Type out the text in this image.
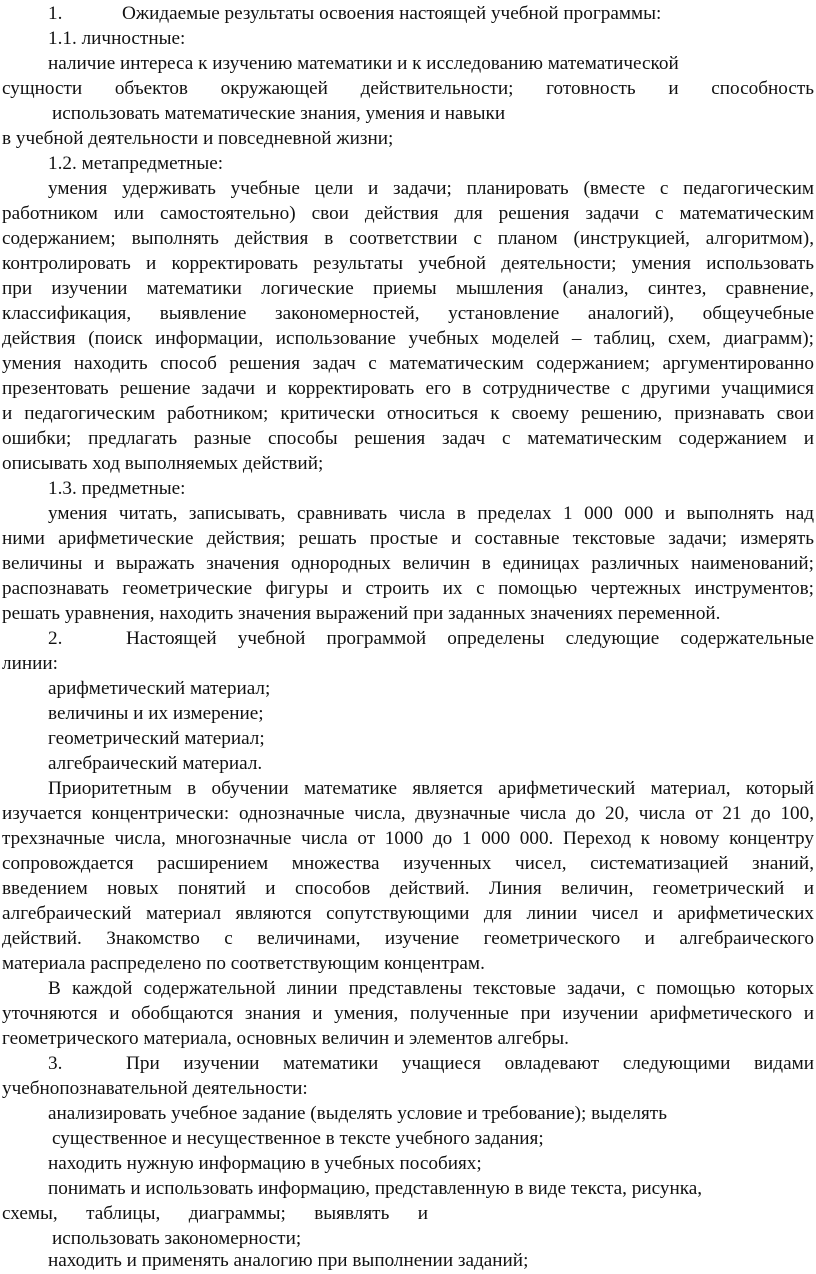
1.	Ожидаемые результаты освоения настоящей учебной программы:
1.1. личностные:
наличие интереса к изучению математики и к исследованию математической
сущности объектов окружающей действительности; готовность и способность
использовать математические знания, умения и навыки
в учебной деятельности и повседневной жизни;
1.2. метапредметные:
умения удерживать учебные цели и задачи; планировать (вместе с педагогическим
работником или самостоятельно) свои действия для решения задачи с математическим
содержанием; выполнять действия в соответствии с планом (инструкцией, алгоритмом),
контролировать и корректировать результаты учебной деятельности; умения использовать
при изучении математики логические приемы мышления (анализ, синтез, сравнение,
классификация, выявление закономерностей, установление аналогий), общеучебные
действия (поиск информации, использование учебных моделей – таблиц, схем, диаграмм);
умения находить способ решения задач с математическим содержанием; аргументированно
презентовать решение задачи и корректировать его в сотрудничестве с другими учащимися
и педагогическим работником; критически относиться к своему решению, признавать свои
ошибки; предлагать разные способы решения задач с математическим содержанием и
описывать ход выполняемых действий;
1.3. предметные:
умения читать, записывать, сравнивать числа в пределах 1 000 000 и выполнять над
ними арифметические действия; решать простые и составные текстовые задачи; измерять
величины и выражать значения однородных величин в единицах различных наименований;
распознавать геометрические фигуры и строить их с помощью чертежных инструментов;
решать уравнения, находить значения выражений при заданных значениях переменной.
2.	Настоящей учебной программой определены следующие содержательные
линии:
арифметический материал;
величины и их измерение;
геометрический материал;
алгебраический материал.
Приоритетным в обучении математике является арифметический материал, который
изучается концентрически: однозначные числа, двузначные числа до 20, числа от 21 до 100,
трехзначные числа, многозначные числа от 1000 до 1 000 000. Переход к новому концентру
сопровождается расширением множества изученных чисел, систематизацией знаний,
введением новых понятий и способов действий. Линия величин, геометрический и
алгебраический материал являются сопутствующими для линии чисел и арифметических
действий. Знакомство с величинами, изучение геометрического и алгебраического
материала распределено по соответствующим концентрам.
В каждой содержательной линии представлены текстовые задачи, с помощью которых
уточняются и обобщаются знания и умения, полученные при изучении арифметического и
геометрического материала, основных величин и элементов алгебры.
3.	При изучении математики учащиеся овладевают следующими видами
учебнопознавательной деятельности:
анализировать учебное задание (выделять условие и требование); выделять
существенное и несущественное в тексте учебного задания;
находить нужную информацию в учебных пособиях;
понимать и использовать информацию, представленную в виде текста, рисунка,
схемы, таблицы, диаграммы; выявлять и
использовать закономерности;
находить и применять аналогию при выполнении заданий;
